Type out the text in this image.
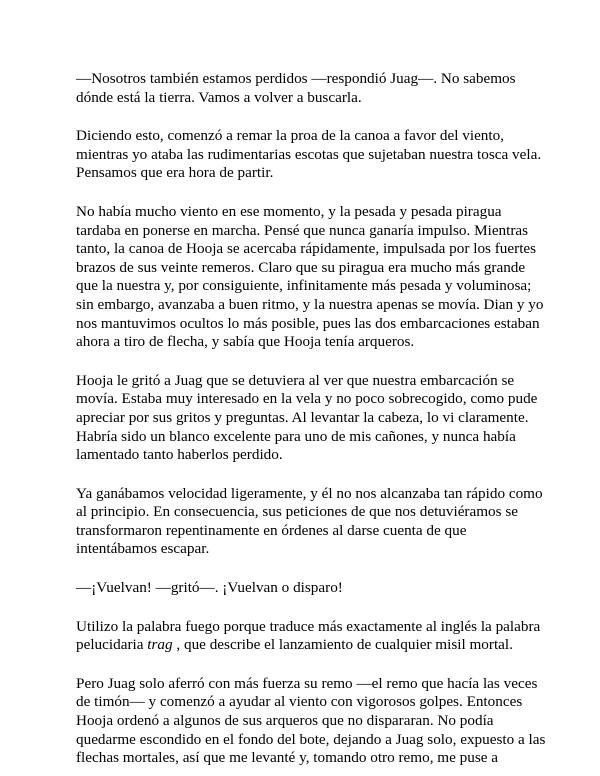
—Nosotros también estamos perdidos —respondió Juag—. No sabemos dónde está la tierra. Vamos a volver a buscarla.

Diciendo esto, comenzó a remar la proa de la canoa a favor del viento, mientras yo ataba las rudimentarias escotas que sujetaban nuestra tosca vela. Pensamos que era hora de partir.

No había mucho viento en ese momento, y la pesada y pesada piragua tardaba en ponerse en marcha. Pensé que nunca ganaría impulso. Mientras tanto, la canoa de Hooja se acercaba rápidamente, impulsada por los fuertes brazos de sus veinte remeros. Claro que su piragua era mucho más grande que la nuestra y, por consiguiente, infinitamente más pesada y voluminosa; sin embargo, avanzaba a buen ritmo, y la nuestra apenas se movía. Dian y yo nos mantuvimos ocultos lo más posible, pues las dos embarcaciones estaban ahora a tiro de flecha, y sabía que Hooja tenía arqueros.

Hooja le gritó a Juag que se detuviera al ver que nuestra embarcación se movía. Estaba muy interesado en la vela y no poco sobrecogido, como pude apreciar por sus gritos y preguntas. Al levantar la cabeza, lo vi claramente. Habría sido un blanco excelente para uno de mis cañones, y nunca había lamentado tanto haberlos perdido.

Ya ganábamos velocidad ligeramente, y él no nos alcanzaba tan rápido como al principio. En consecuencia, sus peticiones de que nos detuviéramos se transformaron repentinamente en órdenes al darse cuenta de que intentábamos escapar.

—¡Vuelvan! —gritó—. ¡Vuelvan o disparo!

Utilizo la palabra fuego porque traduce más exactamente al inglés la palabra pelucidaria trag , que describe el lanzamiento de cualquier misil mortal.

Pero Juag solo aferró con más fuerza su remo —el remo que hacía las veces de timón— y comenzó a ayudar al viento con vigorosos golpes. Entonces Hooja ordenó a algunos de sus arqueros que no dispararan. No podía quedarme escondido en el fondo del bote, dejando a Juag solo, expuesto a las flechas mortales, así que me levanté y, tomando otro remo, me puse a
